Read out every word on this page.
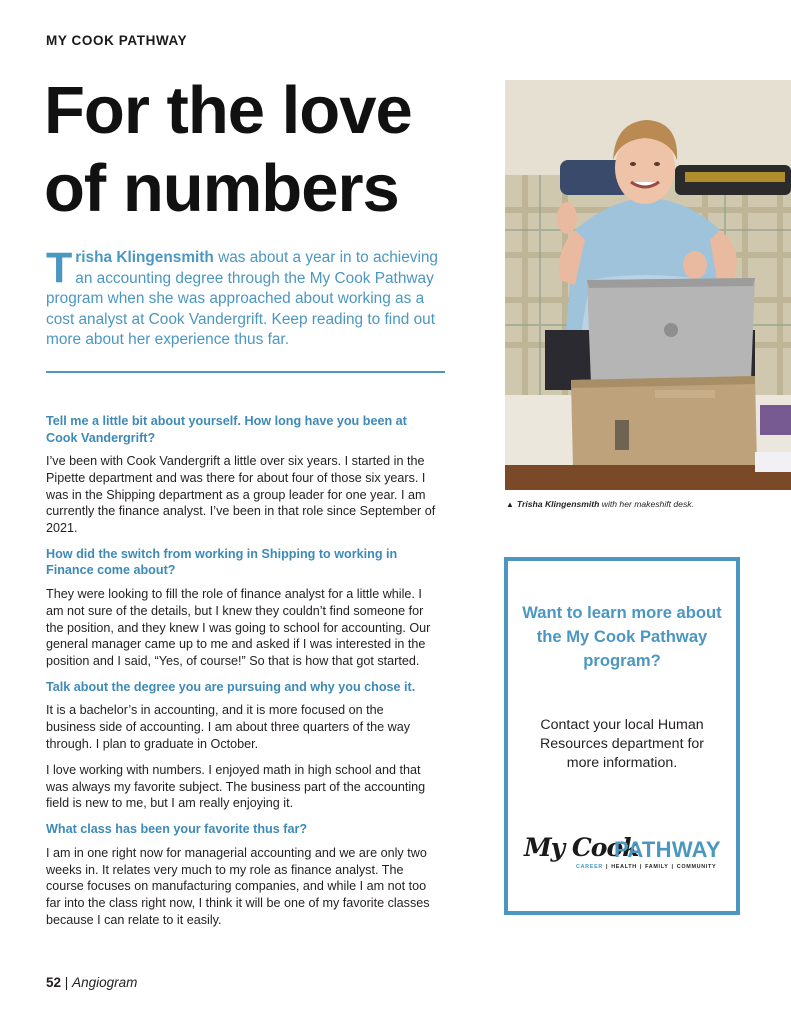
MY COOK PATHWAY
For the love of numbers

Trisha Klingensmith was about a year in to achieving an accounting degree through the My Cook Pathway program when she was approached about working as a cost analyst at Cook Vandergrift. Keep reading to find out more about her experience thus far.

Tell me a little bit about yourself. How long have you been at Cook Vandergrift?

I’ve been with Cook Vandergrift a little over six years. I started in the Pipette department and was there for about four of those six years. I was in the Shipping department as a group leader for one year. I am currently the finance analyst. I’ve been in that role since September of 2021.

How did the switch from working in Shipping to working in Finance come about?

They were looking to fill the role of finance analyst for a little while. I am not sure of the details, but I knew they couldn’t find someone for the position, and they knew I was going to school for accounting. Our general manager came up to me and asked if I was interested in the position and I said, “Yes, of course!” So that is how that got started.

Talk about the degree you are pursuing and why you chose it.

It is a bachelor’s in accounting, and it is more focused on the business side of accounting. I am about three quarters of the way through. I plan to graduate in October.

I love working with numbers. I enjoyed math in high school and that was always my favorite subject. The business part of the accounting field is new to me, but I am really enjoying it.

What class has been your favorite thus far?

I am in one right now for managerial accounting and we are only two weeks in. It relates very much to my role as finance analyst. The course focuses on manufacturing companies, and while I am not too far into the class right now, I think it will be one of my favorite classes because I can relate to it easily.

▲ Trisha Klingensmith with her makeshift desk.

Want to learn more about the My Cook Pathway program?

Contact your local Human Resources department for more information.

My Cook
PATHWAY
CAREER | HEALTH | FAMILY | COMMUNITY
52 | Angiogram
